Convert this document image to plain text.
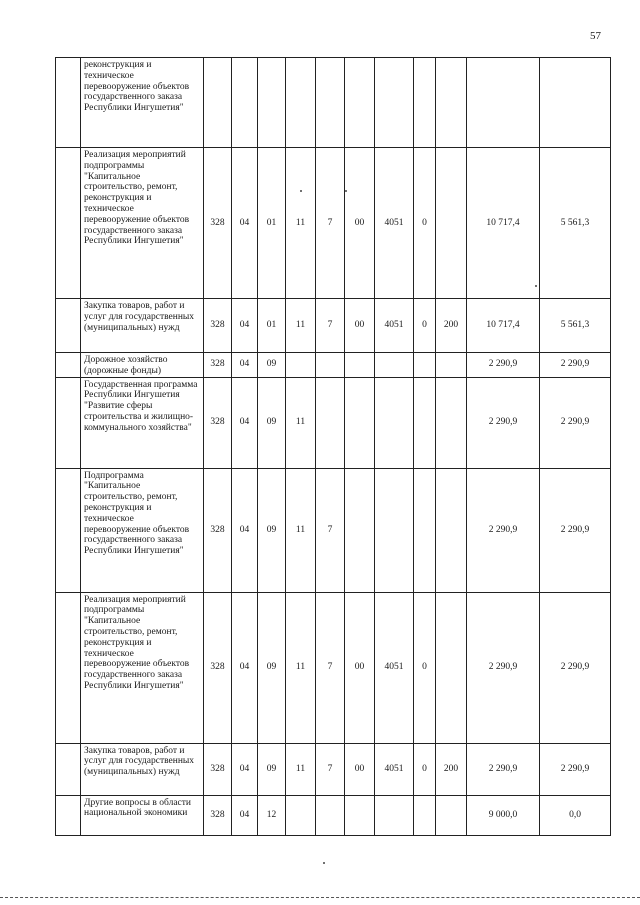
57
	реконструкция и техническое перевооружение объектов государственного заказа Республики Ингушетия"											
	Реализация мероприятий подпрограммы "Капитальное строительство, ремонт, реконструкция и техническое перевооружение объектов государственного заказа Республики Ингушетия"	328	04	01	11	7	00	4051	0		10 717,4	5 561,3
	Закупка товаров, работ и услуг для государственных (муниципальных) нужд	328	04	01	11	7	00	4051	0	200	10 717,4	5 561,3
	Дорожное хозяйство (дорожные фонды)	328	04	09							2 290,9	2 290,9
	Государственная программа Республики Ингушетия "Развитие сферы строительства и жилищно-коммунального хозяйства"	328	04	09	11						2 290,9	2 290,9
	Подпрограмма "Капитальное строительство, ремонт, реконструкция и техническое перевооружение объектов государственного заказа Республики Ингушетия"	328	04	09	11	7					2 290,9	2 290,9
	Реализация мероприятий подпрограммы "Капитальное строительство, ремонт, реконструкция и техническое перевооружение объектов государственного заказа Республики Ингушетия"	328	04	09	11	7	00	4051	0		2 290,9	2 290,9
	Закупка товаров, работ и услуг для государственных (муниципальных) нужд	328	04	09	11	7	00	4051	0	200	2 290,9	2 290,9
	Другие вопросы в области национальной экономики	328	04	12							9 000,0	0,0
